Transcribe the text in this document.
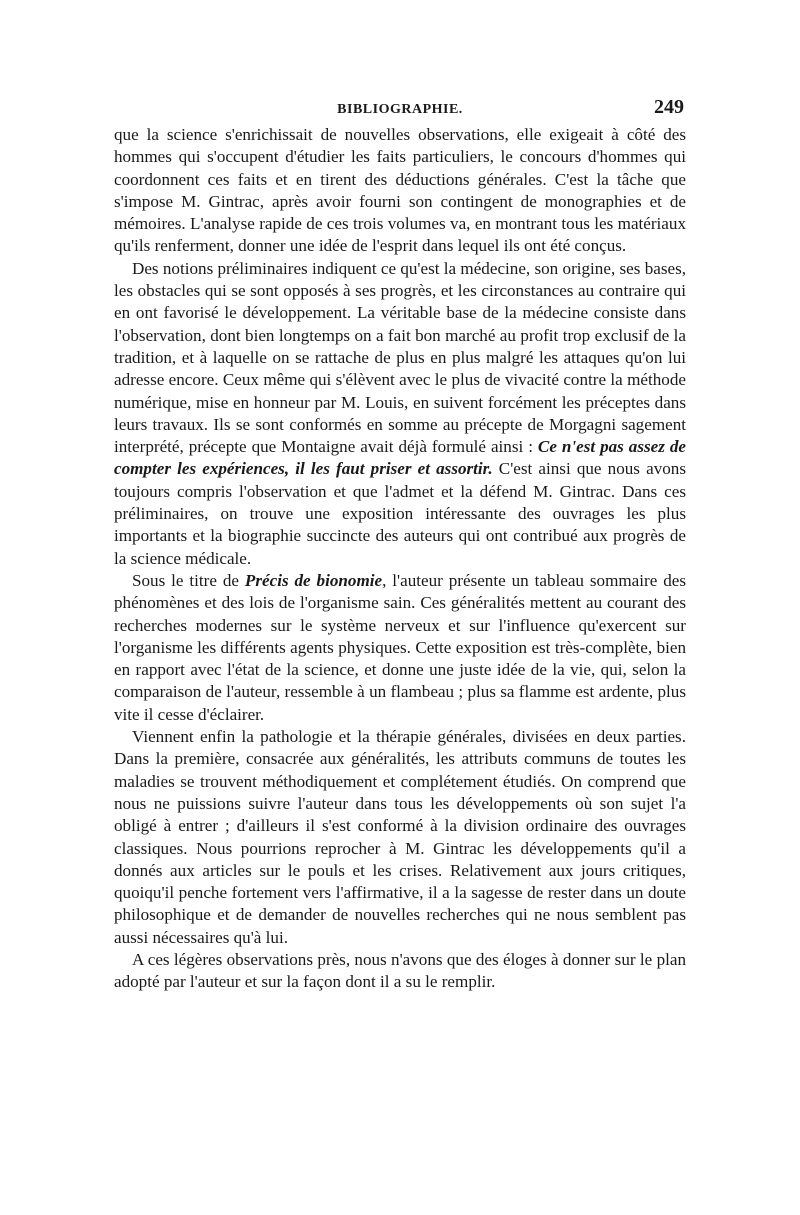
BIBLIOGRAPHIE.	249

que la science s'enrichissait de nouvelles observations, elle exigeait à côté des hommes qui s'occupent d'étudier les faits particuliers, le concours d'hommes qui coordonnent ces faits et en tirent des déductions générales. C'est la tâche que s'impose M. Gintrac, après avoir fourni son contingent de monographies et de mémoires. L'analyse rapide de ces trois volumes va, en montrant tous les matériaux qu'ils renferment, donner une idée de l'esprit dans lequel ils ont été conçus.

Des notions préliminaires indiquent ce qu'est la médecine, son origine, ses bases, les obstacles qui se sont opposés à ses progrès, et les circonstances au contraire qui en ont favorisé le développement. La véritable base de la médecine consiste dans l'observation, dont bien longtemps on a fait bon marché au profit trop exclusif de la tradition, et à laquelle on se rattache de plus en plus malgré les attaques qu'on lui adresse encore. Ceux même qui s'élèvent avec le plus de vivacité contre la méthode numérique, mise en honneur par M. Louis, en suivent forcément les préceptes dans leurs travaux. Ils se sont conformés en somme au précepte de Morgagni sagement interprété, précepte que Montaigne avait déjà formulé ainsi : Ce n'est pas assez de compter les expériences, il les faut priser et assortir. C'est ainsi que nous avons toujours compris l'observation et que l'admet et la défend M. Gintrac. Dans ces préliminaires, on trouve une exposition intéressante des ouvrages les plus importants et la biographie succincte des auteurs qui ont contribué aux progrès de la science médicale.

Sous le titre de Précis de bionomie, l'auteur présente un tableau sommaire des phénomènes et des lois de l'organisme sain. Ces généralités mettent au courant des recherches modernes sur le système nerveux et sur l'influence qu'exercent sur l'organisme les différents agents physiques. Cette exposition est très-complète, bien en rapport avec l'état de la science, et donne une juste idée de la vie, qui, selon la comparaison de l'auteur, ressemble à un flambeau ; plus sa flamme est ardente, plus vite il cesse d'éclairer.

Viennent enfin la pathologie et la thérapie générales, divisées en deux parties. Dans la première, consacrée aux généralités, les attributs communs de toutes les maladies se trouvent méthodiquement et complétement étudiés. On comprend que nous ne puissions suivre l'auteur dans tous les développements où son sujet l'a obligé à entrer ; d'ailleurs il s'est conformé à la division ordinaire des ouvrages classiques. Nous pourrions reprocher à M. Gintrac les développements qu'il a donnés aux articles sur le pouls et les crises. Relativement aux jours critiques, quoiqu'il penche fortement vers l'affirmative, il a la sagesse de rester dans un doute philosophique et de demander de nouvelles recherches qui ne nous semblent pas aussi nécessaires qu'à lui.

A ces légères observations près, nous n'avons que des éloges à donner sur le plan adopté par l'auteur et sur la façon dont il a su le remplir.
